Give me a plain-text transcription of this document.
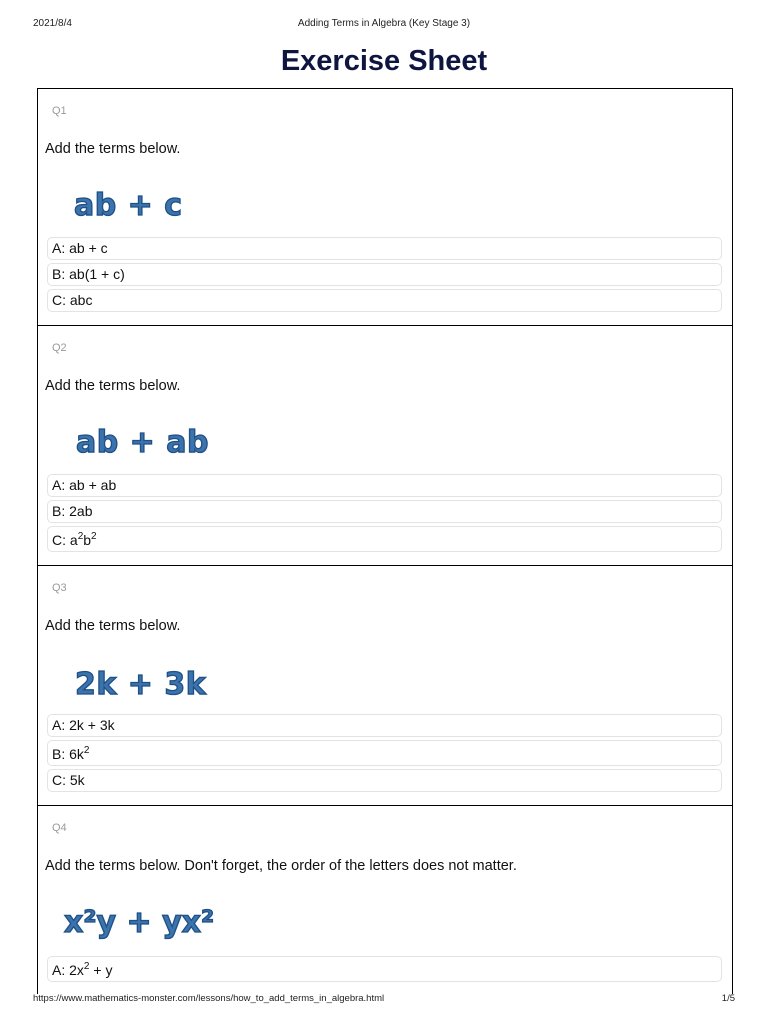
2021/8/4	Adding Terms in Algebra (Key Stage 3)
Exercise Sheet
Q1
Add the terms below.
ab + c
A: ab + c
B: ab(1 + c)
C: abc
Q2
Add the terms below.
ab + ab
A: ab + ab
B: 2ab
C: $a^2b^2$
Q3
Add the terms below.
2k + 3k
A: 2k + 3k
B: $6k^2$
C: 5k
Q4
Add the terms below. Don't forget, the order of the letters does not matter.
x²y + yx²
A: $2x^2 + y$
https://www.mathematics-monster.com/lessons/how_to_add_terms_in_algebra.html	1/5
